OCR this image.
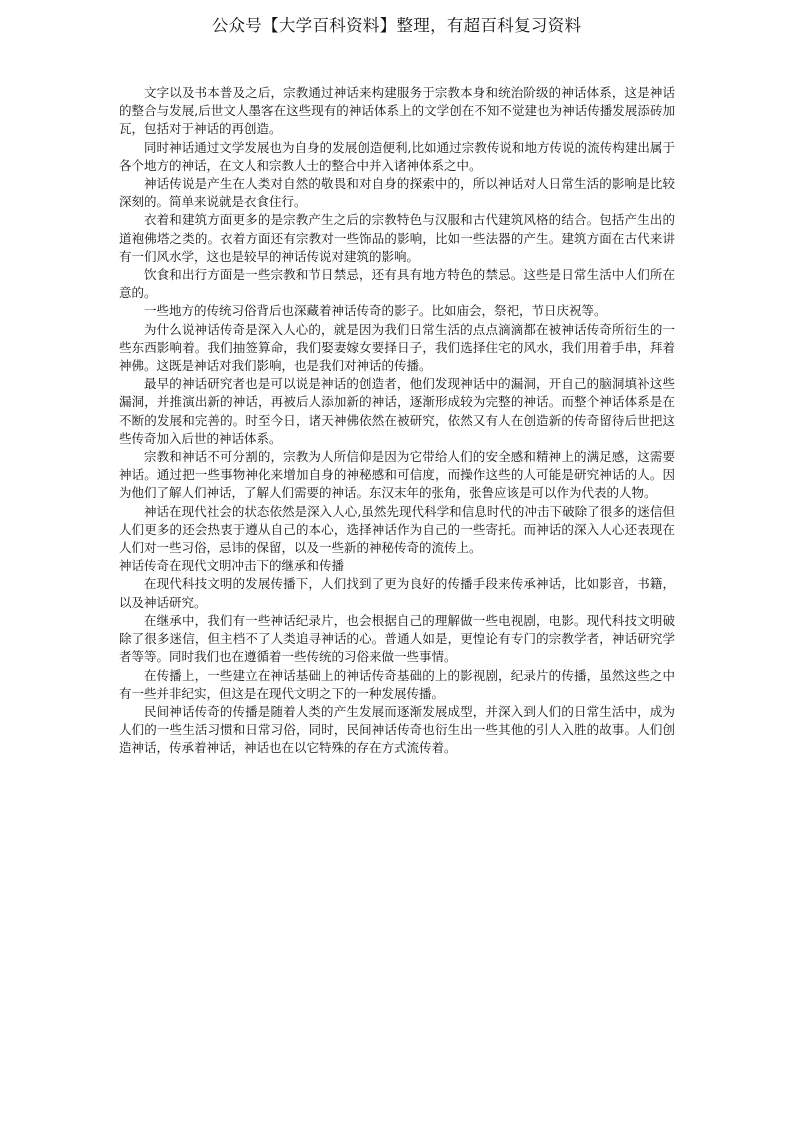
公众号【大学百科资料】整理，有超百科复习资料

文字以及书本普及之后，宗教通过神话来构建服务于宗教本身和统治阶级的神话体系，这是神话的整合与发展,后世文人墨客在这些现有的神话体系上的文学创在不知不觉建也为神话传播发展添砖加瓦，包括对于神话的再创造。

同时神话通过文学发展也为自身的发展创造便利,比如通过宗教传说和地方传说的流传构建出属于各个地方的神话，在文人和宗教人士的整合中并入诸神体系之中。

神话传说是产生在人类对自然的敬畏和对自身的探索中的，所以神话对人日常生活的影响是比较深刻的。简单来说就是衣食住行。

衣着和建筑方面更多的是宗教产生之后的宗教特色与汉服和古代建筑风格的结合。包括产生出的道袍佛塔之类的。衣着方面还有宗教对一些饰品的影响，比如一些法器的产生。建筑方面在古代来讲有一们风水学，这也是较早的神话传说对建筑的影响。

饮食和出行方面是一些宗教和节日禁忌，还有具有地方特色的禁忌。这些是日常生活中人们所在意的。

一些地方的传统习俗背后也深藏着神话传奇的影子。比如庙会，祭祀，节日庆祝等。

为什么说神话传奇是深入人心的，就是因为我们日常生活的点点滴滴都在被神话传奇所衍生的一些东西影响着。我们抽签算命，我们娶妻嫁女要择日子，我们选择住宅的风水，我们用着手串，拜着神佛。这既是神话对我们影响，也是我们对神话的传播。

最早的神话研究者也是可以说是神话的创造者，他们发现神话中的漏洞，开自己的脑洞填补这些漏洞，并推演出新的神话，再被后人添加新的神话，逐渐形成较为完整的神话。而整个神话体系是在不断的发展和完善的。时至今日，诸天神佛依然在被研究，依然又有人在创造新的传奇留待后世把这些传奇加入后世的神话体系。

宗教和神话不可分割的，宗教为人所信仰是因为它带给人们的安全感和精神上的满足感，这需要神话。通过把一些事物神化来增加自身的神秘感和可信度，而操作这些的人可能是研究神话的人。因为他们了解人们神话，了解人们需要的神话。东汉末年的张角，张鲁应该是可以作为代表的人物。

神话在现代社会的状态依然是深入人心,虽然先现代科学和信息时代的冲击下破除了很多的迷信但人们更多的还会热衷于遵从自己的本心，选择神话作为自己的一些寄托。而神话的深入人心还表现在人们对一些习俗，忌讳的保留，以及一些新的神秘传奇的流传上。

神话传奇在现代文明冲击下的继承和传播

在现代科技文明的发展传播下，人们找到了更为良好的传播手段来传承神话，比如影音，书籍，以及神话研究。

在继承中，我们有一些神话纪录片，也会根据自己的理解做一些电视剧，电影。现代科技文明破除了很多迷信，但主档不了人类追寻神话的心。普通人如是，更惶论有专门的宗教学者，神话研究学者等等。同时我们也在遵循着一些传统的习俗来做一些事情。

在传播上，一些建立在神话基础上的神话传奇基础的上的影视剧，纪录片的传播，虽然这些之中有一些并非纪实，但这是在现代文明之下的一种发展传播。

民间神话传奇的传播是随着人类的产生发展而逐渐发展成型，并深入到人们的日常生活中，成为人们的一些生活习惯和日常习俗，同时，民间神话传奇也衍生出一些其他的引人入胜的故事。人们创造神话，传承着神话，神话也在以它特殊的存在方式流传着。
